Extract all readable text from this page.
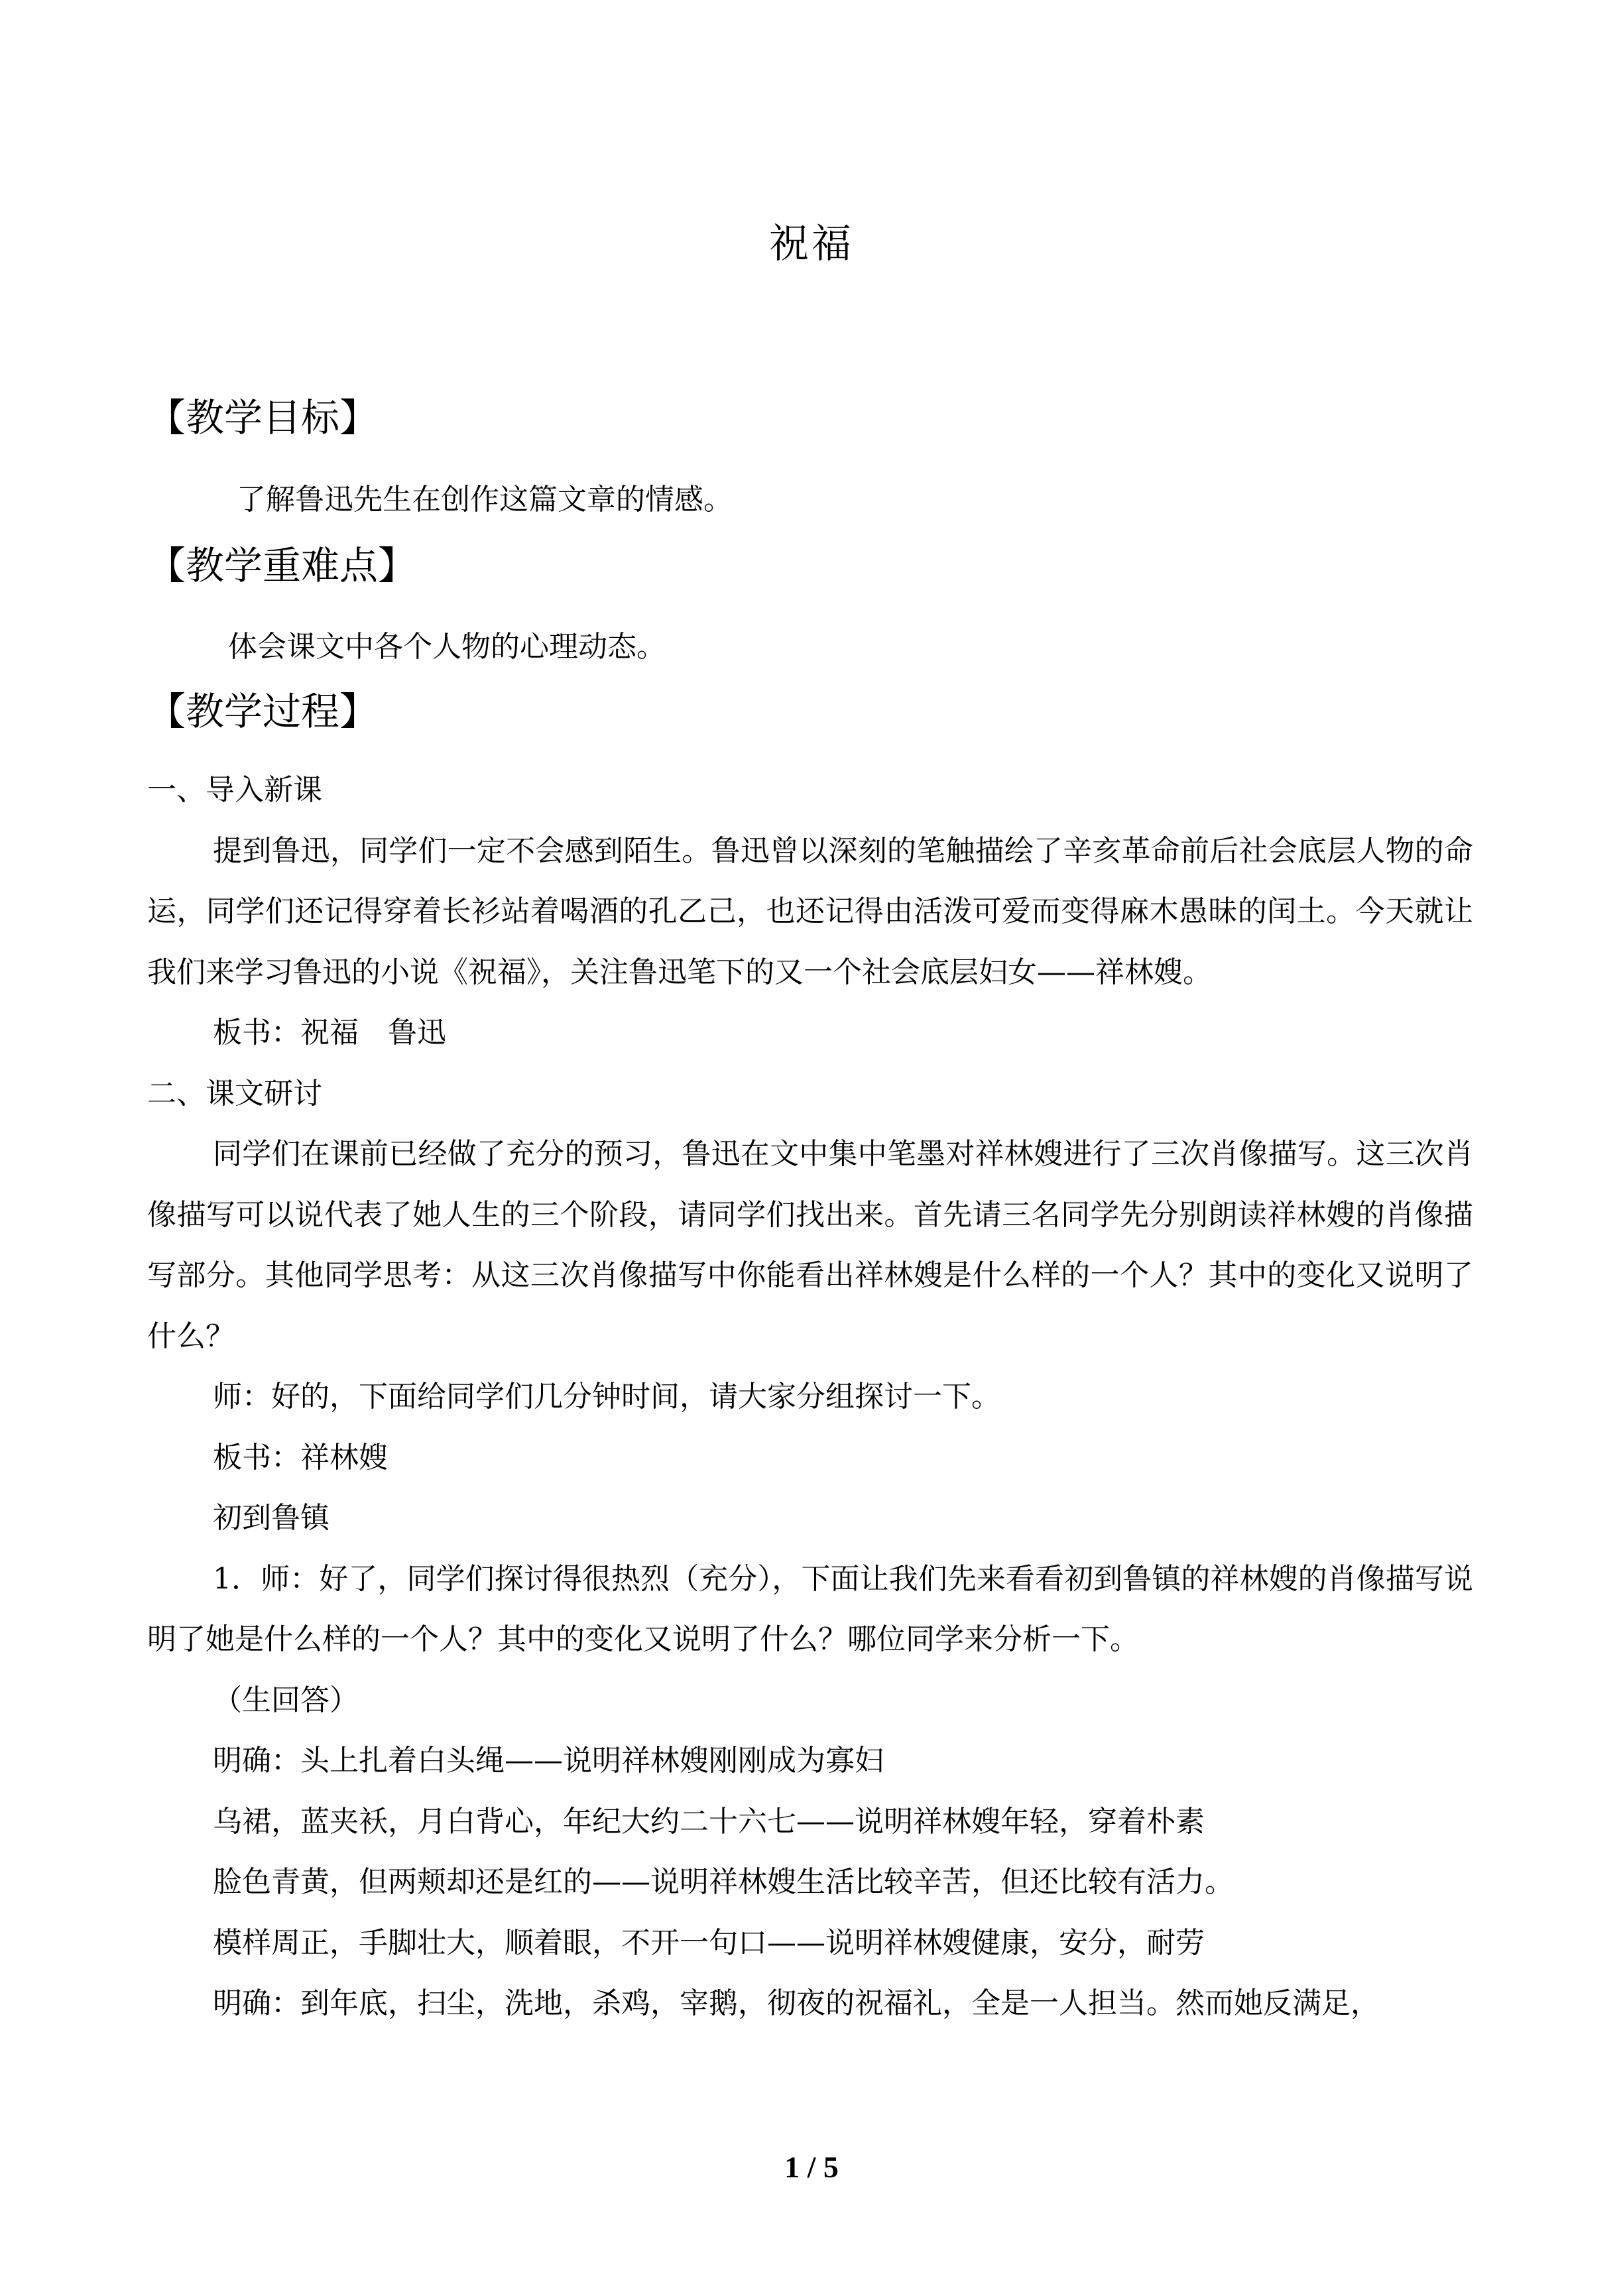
祝福
【教学目标】

了解鲁迅先生在创作这篇文章的情感。

【教学重难点】

体会课文中各个人物的心理动态。

【教学过程】

一、导入新课

提到鲁迅，同学们一定不会感到陌生。鲁迅曾以深刻的笔触描绘了辛亥革命前后社会底层人物的命运，同学们还记得穿着长衫站着喝酒的孔乙己，也还记得由活泼可爱而变得麻木愚昧的闰土。今天就让我们来学习鲁迅的小说《祝福》，关注鲁迅笔下的又一个社会底层妇女——祥林嫂。

板书：祝福　鲁迅

二、课文研讨

同学们在课前已经做了充分的预习，鲁迅在文中集中笔墨对祥林嫂进行了三次肖像描写。这三次肖像描写可以说代表了她人生的三个阶段，请同学们找出来。首先请三名同学先分别朗读祥林嫂的肖像描写部分。其他同学思考：从这三次肖像描写中你能看出祥林嫂是什么样的一个人？其中的变化又说明了什么？

师：好的，下面给同学们几分钟时间，请大家分组探讨一下。

板书：祥林嫂

初到鲁镇

1．师：好了，同学们探讨得很热烈（充分），下面让我们先来看看初到鲁镇的祥林嫂的肖像描写说明了她是什么样的一个人？其中的变化又说明了什么？哪位同学来分析一下。

（生回答）

明确：头上扎着白头绳——说明祥林嫂刚刚成为寡妇

乌裙，蓝夹袄，月白背心，年纪大约二十六七——说明祥林嫂年轻，穿着朴素

脸色青黄，但两颊却还是红的——说明祥林嫂生活比较辛苦，但还比较有活力。

模样周正，手脚壮大，顺着眼，不开一句口——说明祥林嫂健康，安分，耐劳

明确：到年底，扫尘，洗地，杀鸡，宰鹅，彻夜的祝福礼，全是一人担当。然而她反满足，

1 / 5
